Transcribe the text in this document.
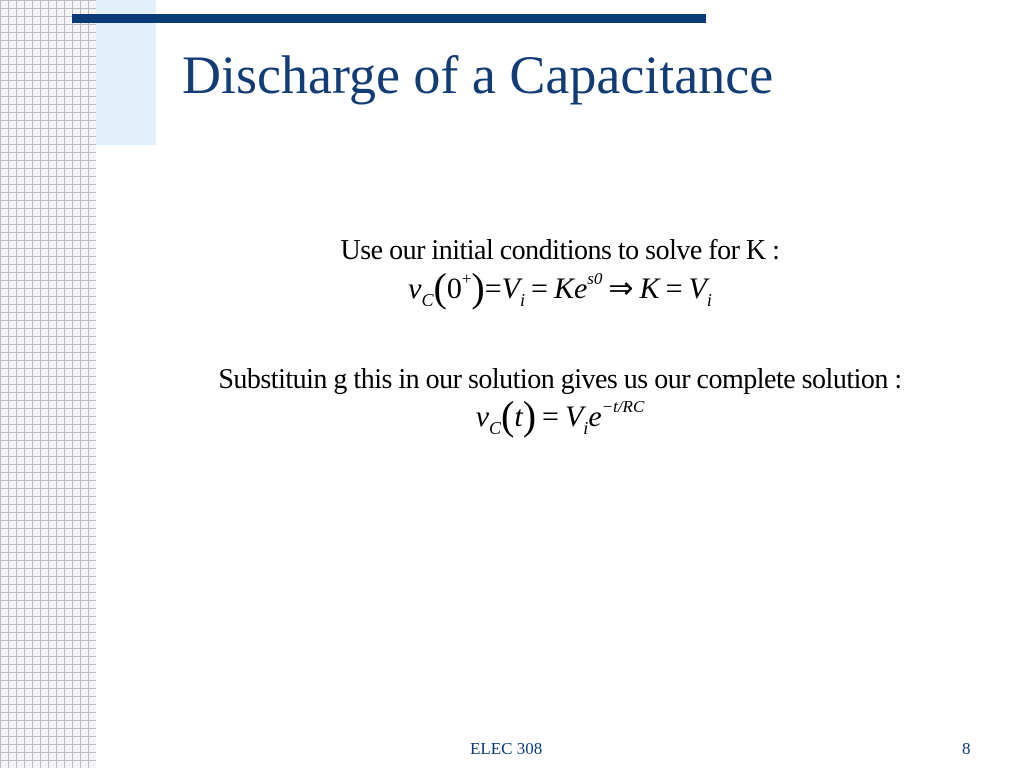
Discharge of a Capacitance
Use our initial conditions to solve for K :
$v_C(0^+)=V_i = Ke^{s0}$ ⇒ $K = V_i$
Substituin g this in our solution gives us our complete solution :
$v_C(t) = V_ie^{-t/RC}$
ELEC 308	8
